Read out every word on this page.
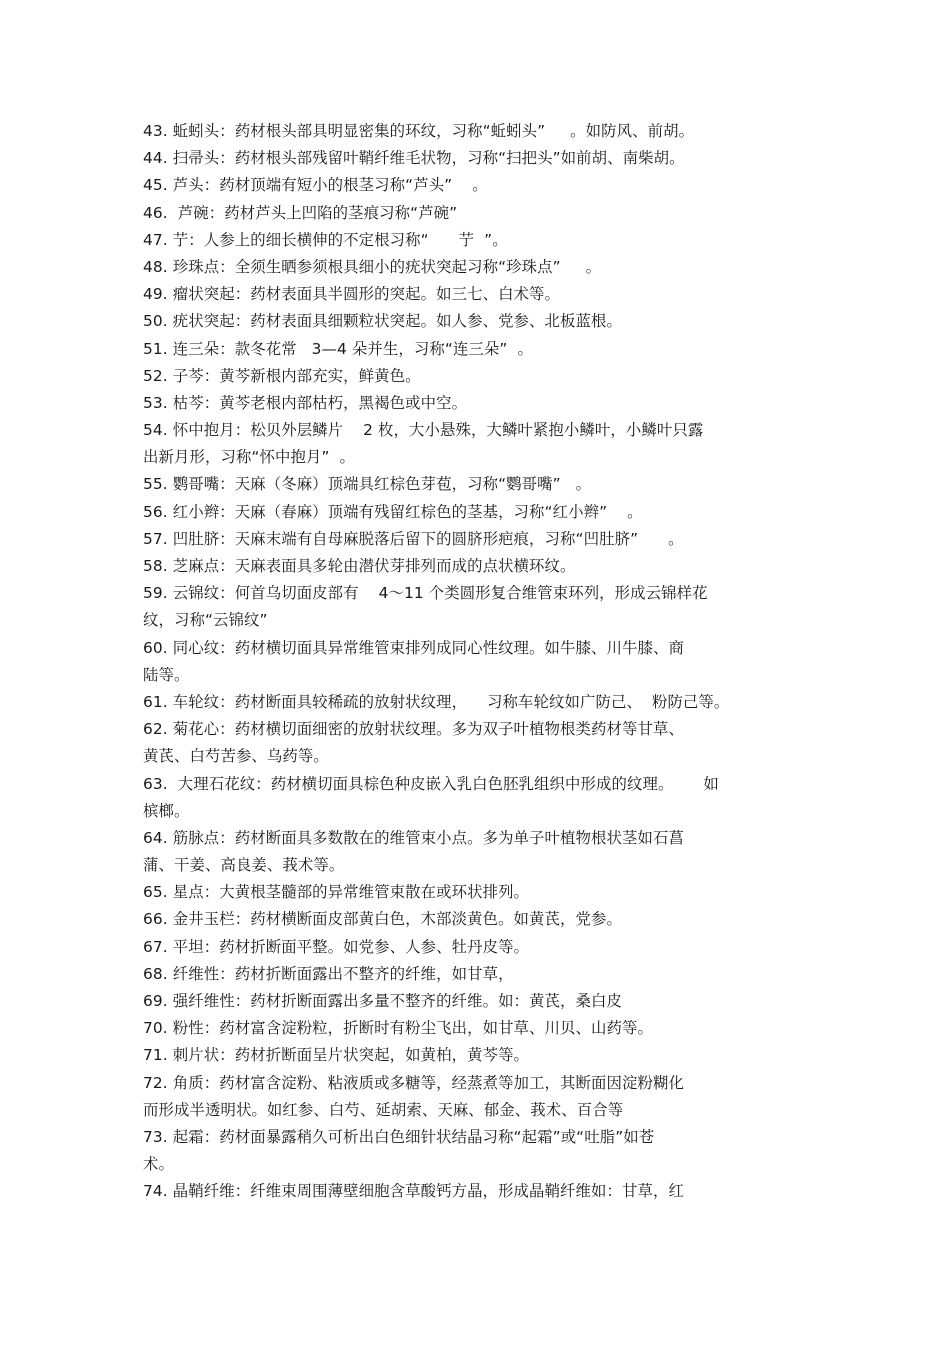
43. 蚯蚓头：药材根头部具明显密集的环纹，习称“蚯蚓头”     。如防风、前胡。
44. 扫帚头：药材根头部残留叶鞘纤维毛状物，习称“扫把头”如前胡、南柴胡。
45. 芦头：药材顶端有短小的根茎习称“芦头”    。
46.  芦碗：药材芦头上凹陷的茎痕习称“芦碗”
47. 艼：人参上的细长横伸的不定根习称“      艼  ”。
48. 珍珠点：全须生晒参须根具细小的疣状突起习称“珍珠点”     。
49. 瘤状突起：药材表面具半圆形的突起。如三七、白术等。
50. 疣状突起：药材表面具细颗粒状突起。如人参、党参、北板蓝根。
51. 连三朵：款冬花常   3—4 朵并生，习称“连三朵”  。
52. 子芩：黄芩新根内部充实，鲜黄色。
53. 枯芩：黄芩老根内部枯朽，黑褐色或中空。
54. 怀中抱月：松贝外层鳞片    2 枚，大小悬殊，大鳞叶紧抱小鳞叶，小鳞叶只露
出新月形，习称“怀中抱月”  。
55. 鹦哥嘴：天麻（冬麻）顶端具红棕色芽苞，习称“鹦哥嘴”   。
56. 红小辫：天麻（春麻）顶端有残留红棕色的茎基，习称“红小辫”    。
57. 凹肚脐：天麻末端有自母麻脱落后留下的圆脐形疤痕，习称“凹肚脐”      。
58. 芝麻点：天麻表面具多轮由潜伏芽排列而成的点状横环纹。
59. 云锦纹：何首乌切面皮部有    4～11 个类圆形复合维管束环列，形成云锦样花
纹，习称“云锦纹”
60. 同心纹：药材横切面具异常维管束排列成同心性纹理。如牛膝、川牛膝、商
陆等。
61. 车轮纹：药材断面具较稀疏的放射状纹理，    习称车轮纹如广防己、  粉防己等。
62. 菊花心：药材横切面细密的放射状纹理。多为双子叶植物根类药材等甘草、
黄芪、白芍苦参、乌药等。
63.  大理石花纹：药材横切面具棕色种皮嵌入乳白色胚乳组织中形成的纹理。      如
槟榔。
64. 筋脉点：药材断面具多数散在的维管束小点。多为单子叶植物根状茎如石菖
蒲、干姜、高良姜、莪术等。
65. 星点：大黄根茎髓部的异常维管束散在或环状排列。
66. 金井玉栏：药材横断面皮部黄白色，木部淡黄色。如黄芪，党参。
67. 平坦：药材折断面平整。如党参、人参、牡丹皮等。
68. 纤维性：药材折断面露出不整齐的纤维，如甘草，
69. 强纤维性：药材折断面露出多量不整齐的纤维。如：黄芪，桑白皮
70. 粉性：药材富含淀粉粒，折断时有粉尘飞出，如甘草、川贝、山药等。
71. 刺片状：药材折断面呈片状突起，如黄柏，黄芩等。
72. 角质：药材富含淀粉、粘液质或多糖等，经蒸煮等加工，其断面因淀粉糊化
而形成半透明状。如红参、白芍、延胡索、天麻、郁金、莪术、百合等
73. 起霜：药材面暴露稍久可析出白色细针状结晶习称“起霜”或“吐脂”如苍
术。
74. 晶鞘纤维：纤维束周围薄壁细胞含草酸钙方晶，形成晶鞘纤维如：甘草，红
